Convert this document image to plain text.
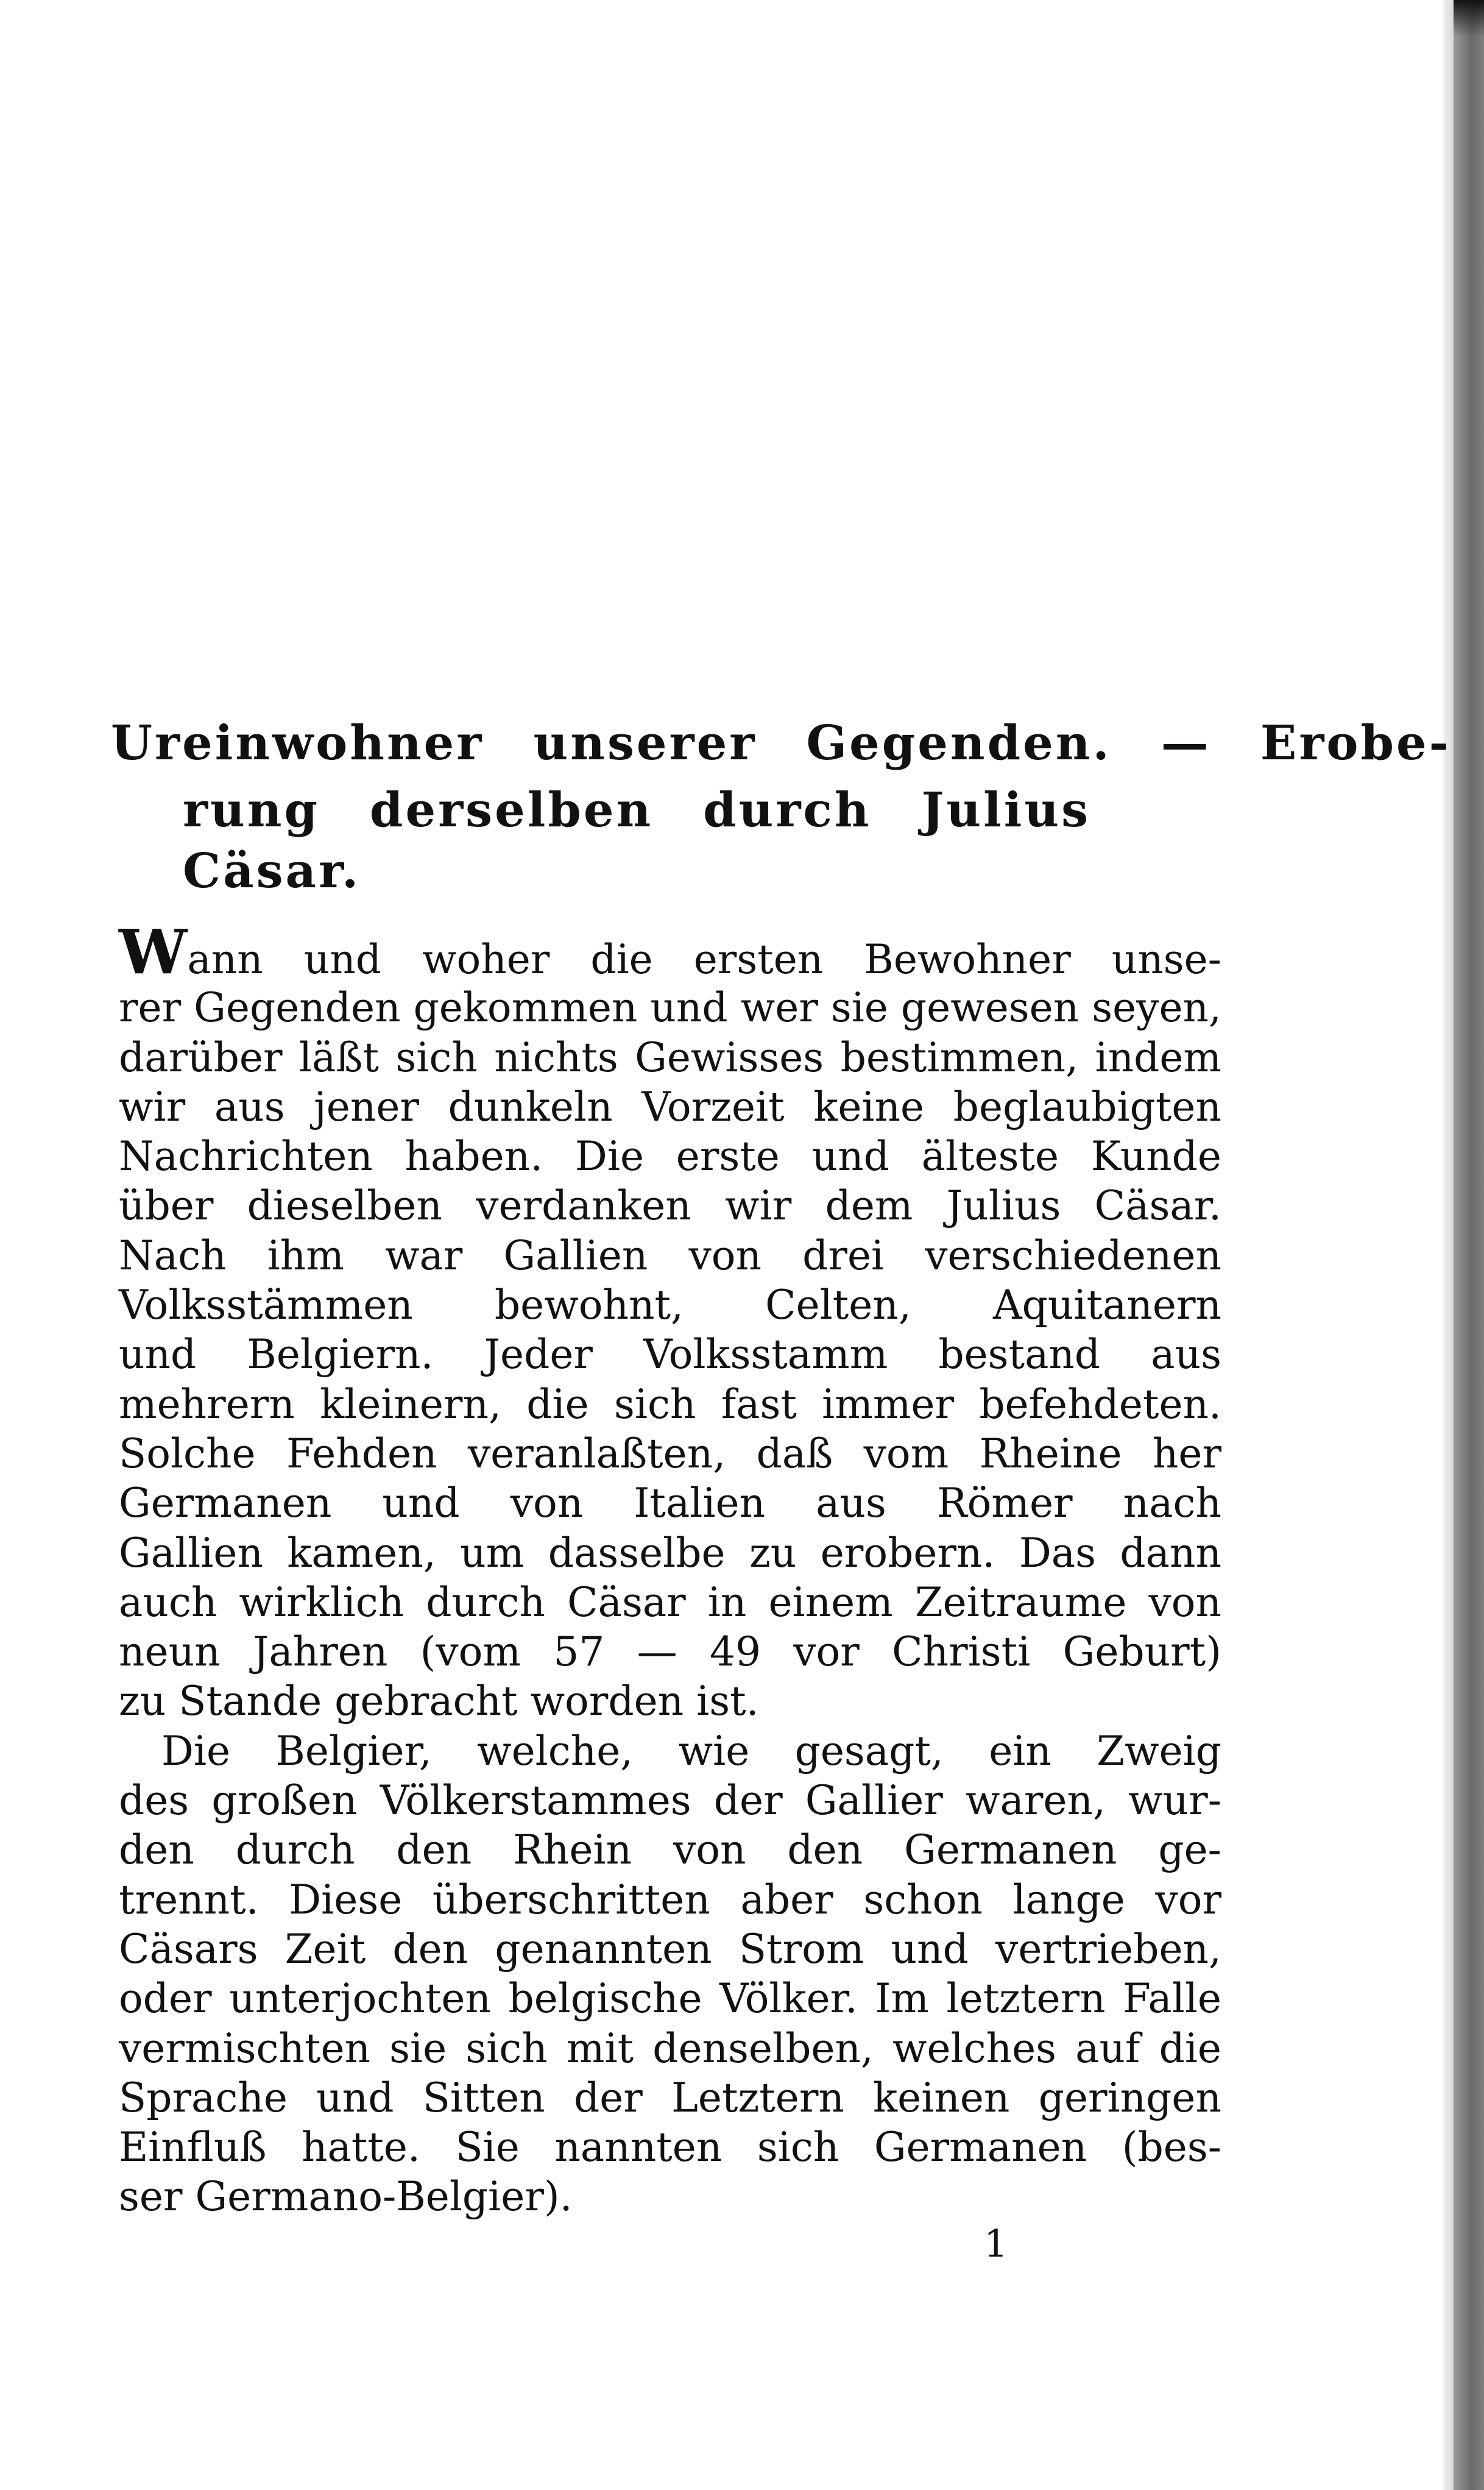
Ureinwohner unserer Gegenden. — Erobe-
rung derselben durch Julius Cäsar.
Wann und woher die ersten Bewohner unse-
rer Gegenden gekommen und wer sie gewesen seyen,
darüber läßt sich nichts Gewisses bestimmen, indem
wir aus jener dunkeln Vorzeit keine beglaubigten
Nachrichten haben. Die erste und älteste Kunde
über dieselben verdanken wir dem Julius Cäsar.
Nach ihm war Gallien von drei verschiedenen
Volksstämmen bewohnt, Celten, Aquitanern
und Belgiern. Jeder Volksstamm bestand aus
mehrern kleinern, die sich fast immer befehdeten.
Solche Fehden veranlaßten, daß vom Rheine her
Germanen und von Italien aus Römer nach
Gallien kamen, um dasselbe zu erobern. Das dann
auch wirklich durch Cäsar in einem Zeitraume von
neun Jahren (vom 57 — 49 vor Christi Geburt)
zu Stande gebracht worden ist.
Die Belgier, welche, wie gesagt, ein Zweig
des großen Völkerstammes der Gallier waren, wur-
den durch den Rhein von den Germanen ge-
trennt. Diese überschritten aber schon lange vor
Cäsars Zeit den genannten Strom und vertrieben,
oder unterjochten belgische Völker. Im letztern Falle
vermischten sie sich mit denselben, welches auf die
Sprache und Sitten der Letztern keinen geringen
Einfluß hatte. Sie nannten sich Germanen (bes-
ser Germano-Belgier).
1
